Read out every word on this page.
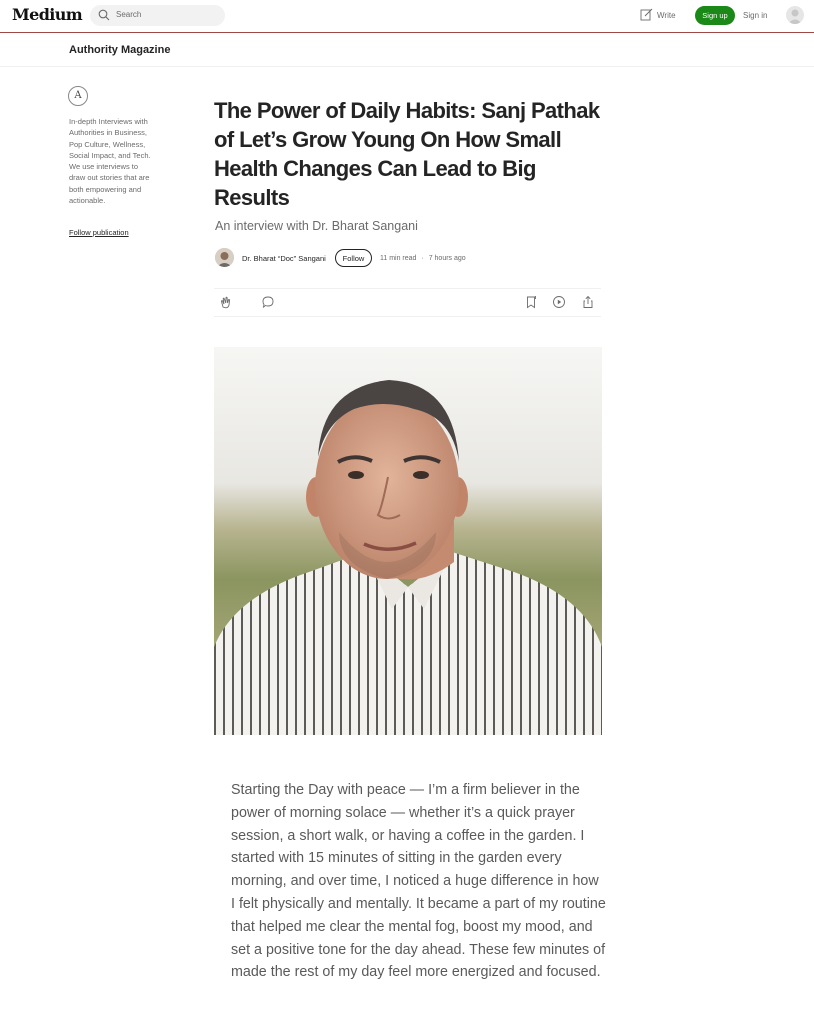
Medium	Search	Write	Sign up	Sign in
Authority Magazine
A
In-depth Interviews with Authorities in Business, Pop Culture, Wellness, Social Impact, and Tech. We use interviews to draw out stories that are both empowering and actionable.
Follow publication
The Power of Daily Habits: Sanj Pathak of Let’s Grow Young On How Small Health Changes Can Lead to Big Results
An interview with Dr. Bharat Sangani
Dr. Bharat “Doc” Sangani	Follow	11 min read · 7 hours ago

Starting the Day with peace — I’m a firm believer in the power of morning solace — whether it’s a quick prayer session, a short walk, or having a coffee in the garden. I started with 15 minutes of sitting in the garden every morning, and over time, I noticed a huge difference in how I felt physically and mentally. It became a part of my routine that helped me clear the mental fog, boost my mood, and set a positive tone for the day ahead. These few minutes of made the rest of my day feel more energized and focused.
